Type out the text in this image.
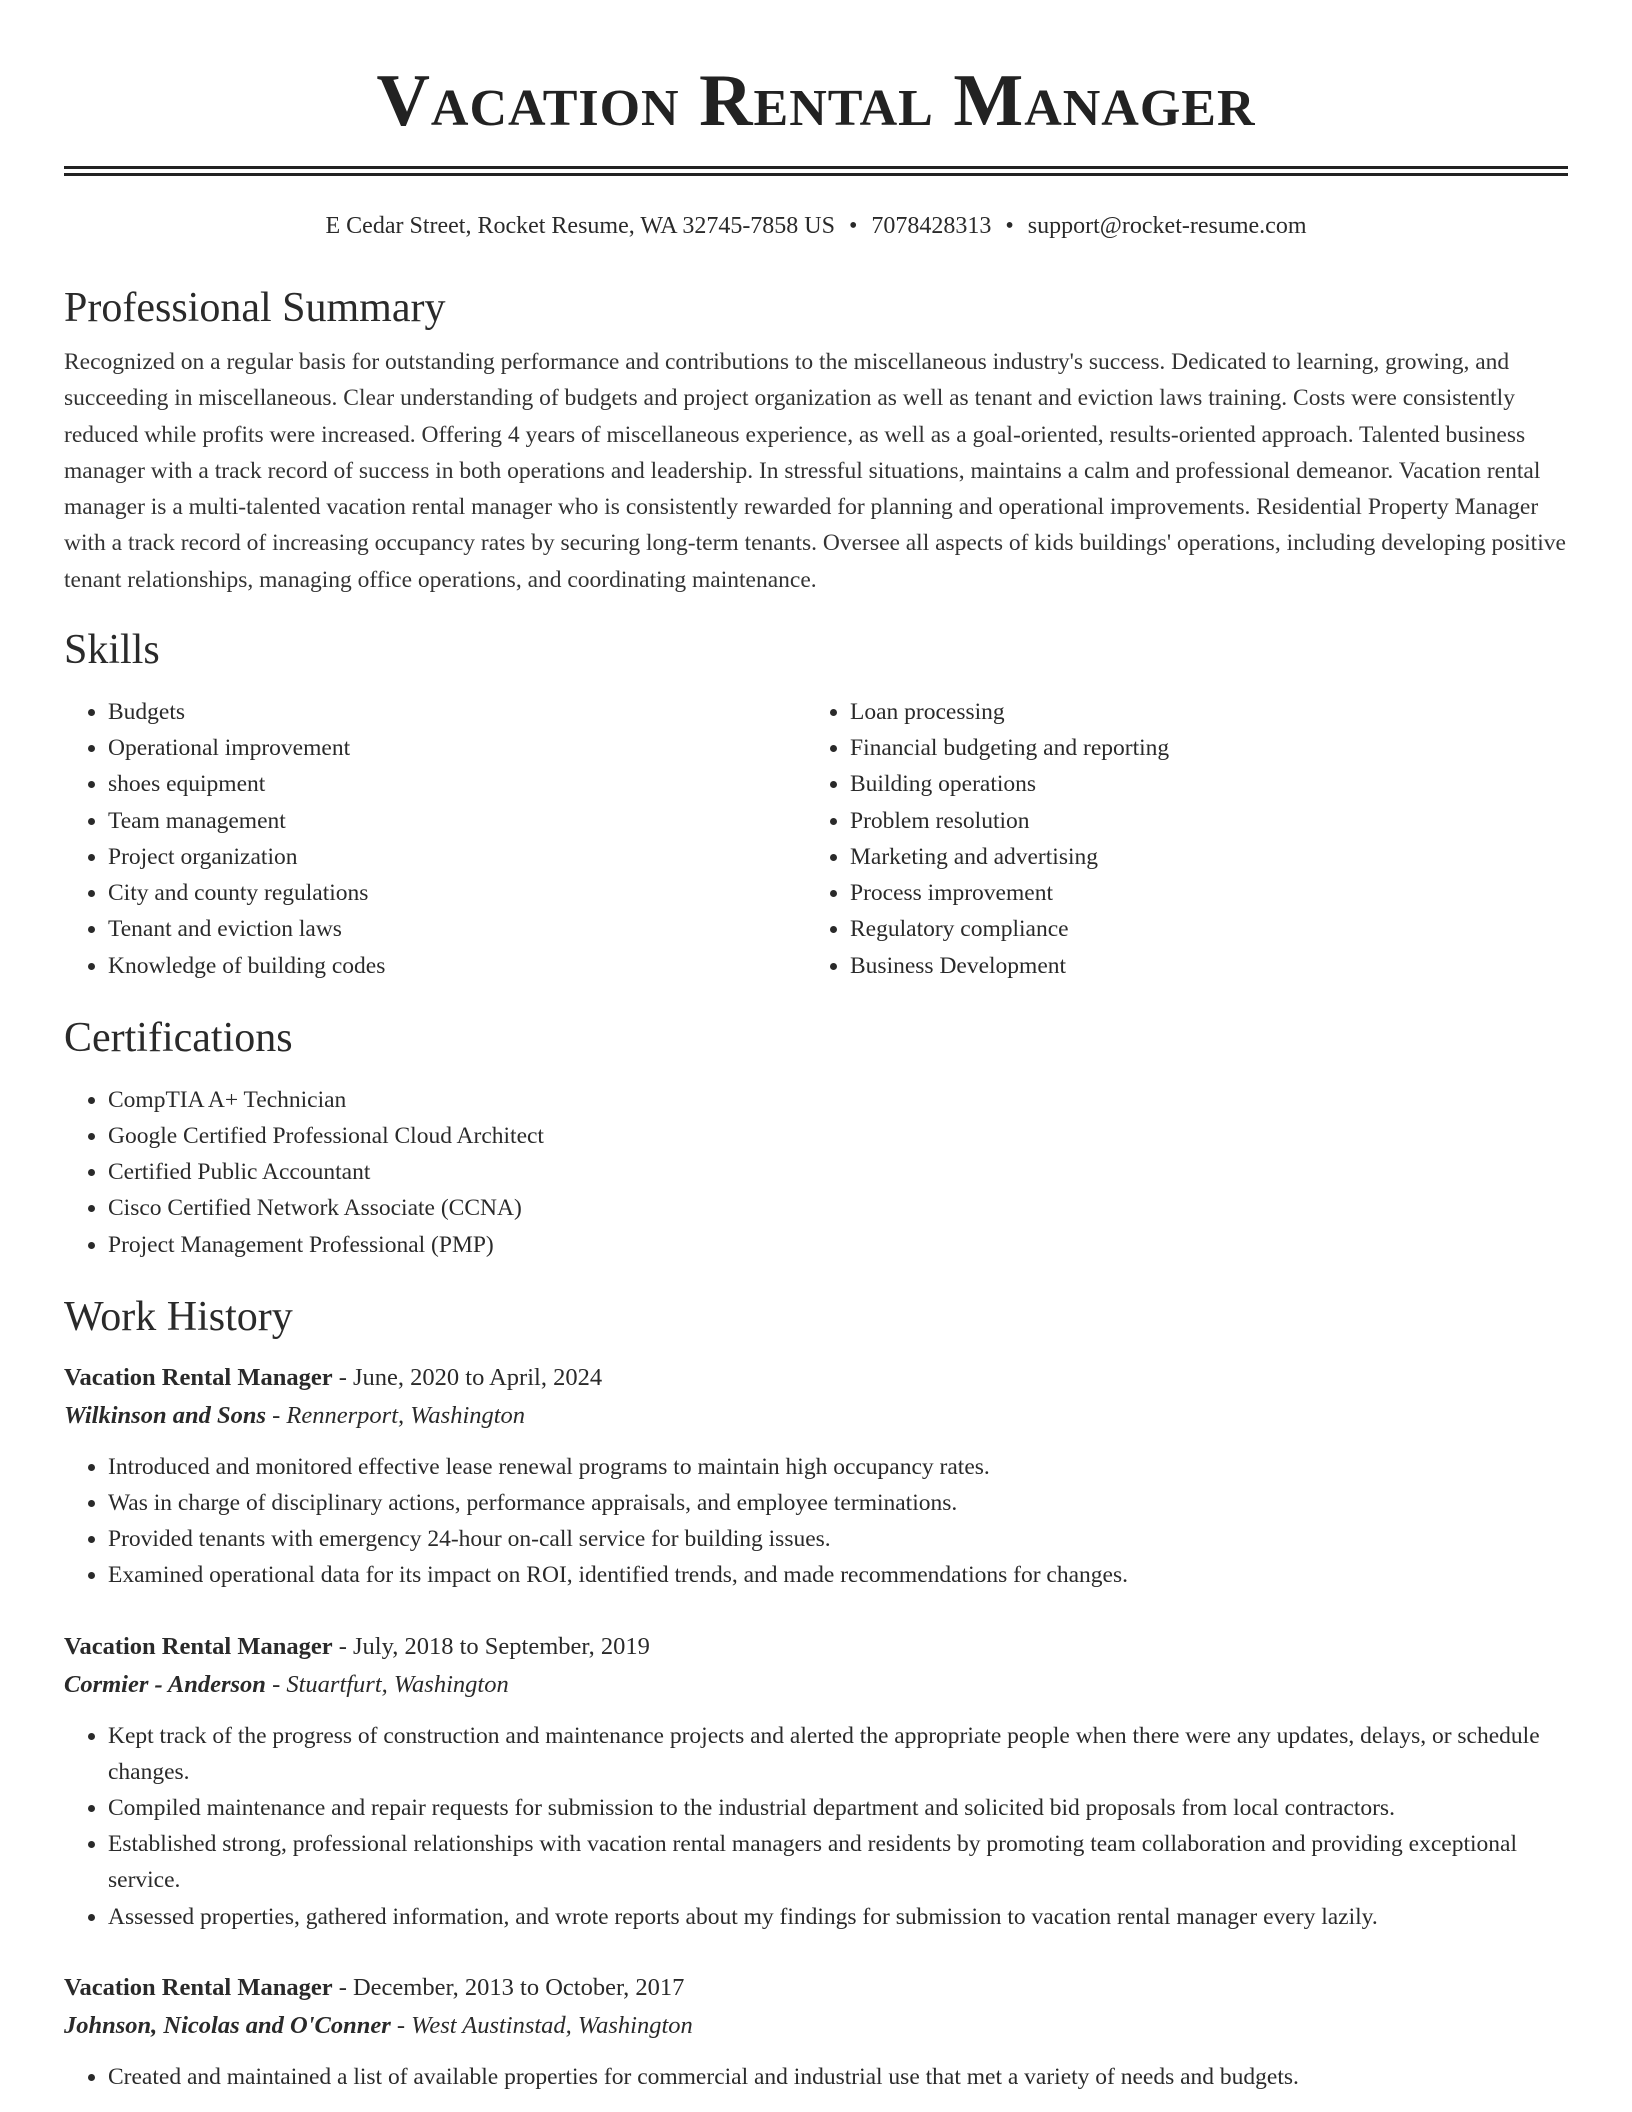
Vacation Rental Manager
E Cedar Street, Rocket Resume, WA 32745-7858 US • 7078428313 • support@rocket-resume.com
Professional Summary
Recognized on a regular basis for outstanding performance and contributions to the miscellaneous industry's success. Dedicated to learning, growing, and succeeding in miscellaneous. Clear understanding of budgets and project organization as well as tenant and eviction laws training. Costs were consistently reduced while profits were increased. Offering 4 years of miscellaneous experience, as well as a goal-oriented, results-oriented approach. Talented business manager with a track record of success in both operations and leadership. In stressful situations, maintains a calm and professional demeanor. Vacation rental manager is a multi-talented vacation rental manager who is consistently rewarded for planning and operational improvements. Residential Property Manager with a track record of increasing occupancy rates by securing long-term tenants. Oversee all aspects of kids buildings' operations, including developing positive tenant relationships, managing office operations, and coordinating maintenance.
Skills
• Budgets
• Operational improvement
• shoes equipment
• Team management
• Project organization
• City and county regulations
• Tenant and eviction laws
• Knowledge of building codes
• Loan processing
• Financial budgeting and reporting
• Building operations
• Problem resolution
• Marketing and advertising
• Process improvement
• Regulatory compliance
• Business Development
Certifications
• CompTIA A+ Technician
• Google Certified Professional Cloud Architect
• Certified Public Accountant
• Cisco Certified Network Associate (CCNA)
• Project Management Professional (PMP)
Work History
Vacation Rental Manager - June, 2020 to April, 2024
Wilkinson and Sons - Rennerport, Washington
• Introduced and monitored effective lease renewal programs to maintain high occupancy rates.
• Was in charge of disciplinary actions, performance appraisals, and employee terminations.
• Provided tenants with emergency 24-hour on-call service for building issues.
• Examined operational data for its impact on ROI, identified trends, and made recommendations for changes.
Vacation Rental Manager - July, 2018 to September, 2019
Cormier - Anderson - Stuartfurt, Washington
• Kept track of the progress of construction and maintenance projects and alerted the appropriate people when there were any updates, delays, or schedule changes.
• Compiled maintenance and repair requests for submission to the industrial department and solicited bid proposals from local contractors.
• Established strong, professional relationships with vacation rental managers and residents by promoting team collaboration and providing exceptional service.
• Assessed properties, gathered information, and wrote reports about my findings for submission to vacation rental manager every lazily.
Vacation Rental Manager - December, 2013 to October, 2017
Johnson, Nicolas and O'Conner - West Austinstad, Washington
• Created and maintained a list of available properties for commercial and industrial use that met a variety of needs and budgets.
